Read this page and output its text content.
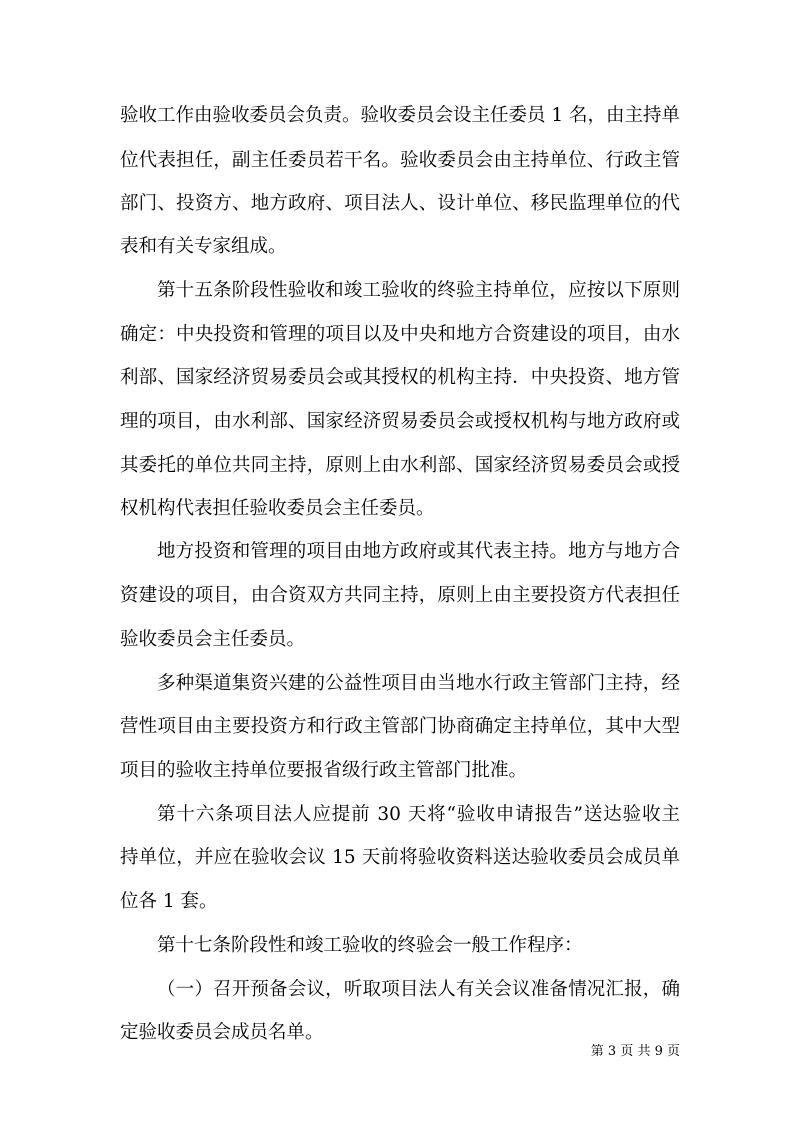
验收工作由验收委员会负责。验收委员会设主任委员 1 名，由主持单
位代表担任，副主任委员若干名。验收委员会由主持单位、行政主管
部门、投资方、地方政府、项目法人、设计单位、移民监理单位的代
表和有关专家组成。
第十五条阶段性验收和竣工验收的终验主持单位，应按以下原则
确定：中央投资和管理的项目以及中央和地方合资建设的项目，由水
利部、国家经济贸易委员会或其授权的机构主持．中央投资、地方管
理的项目，由水利部、国家经济贸易委员会或授权机构与地方政府或
其委托的单位共同主持，原则上由水利部、国家经济贸易委员会或授
权机构代表担任验收委员会主任委员。
地方投资和管理的项目由地方政府或其代表主持。地方与地方合
资建设的项目，由合资双方共同主持，原则上由主要投资方代表担任
验收委员会主任委员。
多种渠道集资兴建的公益性项目由当地水行政主管部门主持，经
营性项目由主要投资方和行政主管部门协商确定主持单位，其中大型
项目的验收主持单位要报省级行政主管部门批准。
第十六条项目法人应提前 30 天将“验收申请报告”送达验收主
持单位，并应在验收会议 15 天前将验收资料送达验收委员会成员单
位各 1 套。
第十七条阶段性和竣工验收的终验会一般工作程序：
（一）召开预备会议，听取项目法人有关会议准备情况汇报，确
定验收委员会成员名单。
第 3 页 共 9 页
